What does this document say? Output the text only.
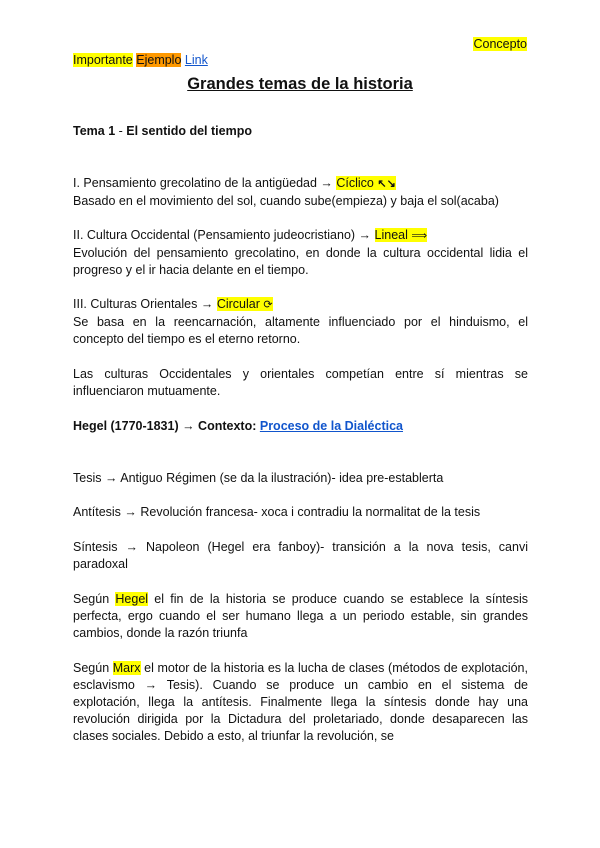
Concepto
Importante Ejemplo Link
Grandes temas de la historia
Tema 1 - El sentido del tiempo
I. Pensamiento grecolatino de la antigüedad → Cíclico ↖↘
Basado en el movimiento del sol, cuando sube(empieza) y baja el sol(acaba)
II. Cultura Occidental (Pensamiento judeocristiano) → Lineal ⟹
Evolución del pensamiento grecolatino, en donde la cultura occidental lidia el progreso y el ir hacia delante en el tiempo.
III. Culturas Orientales → Circular ⟳
Se basa en la reencarnación, altamente influenciado por el hinduismo, el concepto del tiempo es el eterno retorno.
Las culturas Occidentales y orientales competían entre sí mientras se influenciaron mutuamente.
Hegel (1770-1831) → Contexto: Proceso de la Dialéctica
Tesis → Antiguo Régimen (se da la ilustración)- idea pre-establerta
Antítesis → Revolución francesa- xoca i contradiu la normalitat de la tesis
Síntesis → Napoleon (Hegel era fanboy)- transición a la nova tesis, canvi paradoxal
Según Hegel el fin de la historia se produce cuando se establece la síntesis perfecta, ergo cuando el ser humano llega a un periodo estable, sin grandes cambios, donde la razón triunfa
Según Marx el motor de la historia es la lucha de clases (métodos de explotación, esclavismo → Tesis). Cuando se produce un cambio en el sistema de explotación, llega la antítesis. Finalmente llega la síntesis donde hay una revolución dirigida por la Dictadura del proletariado, donde desaparecen las clases sociales. Debido a esto, al triunfar la revolución, se
